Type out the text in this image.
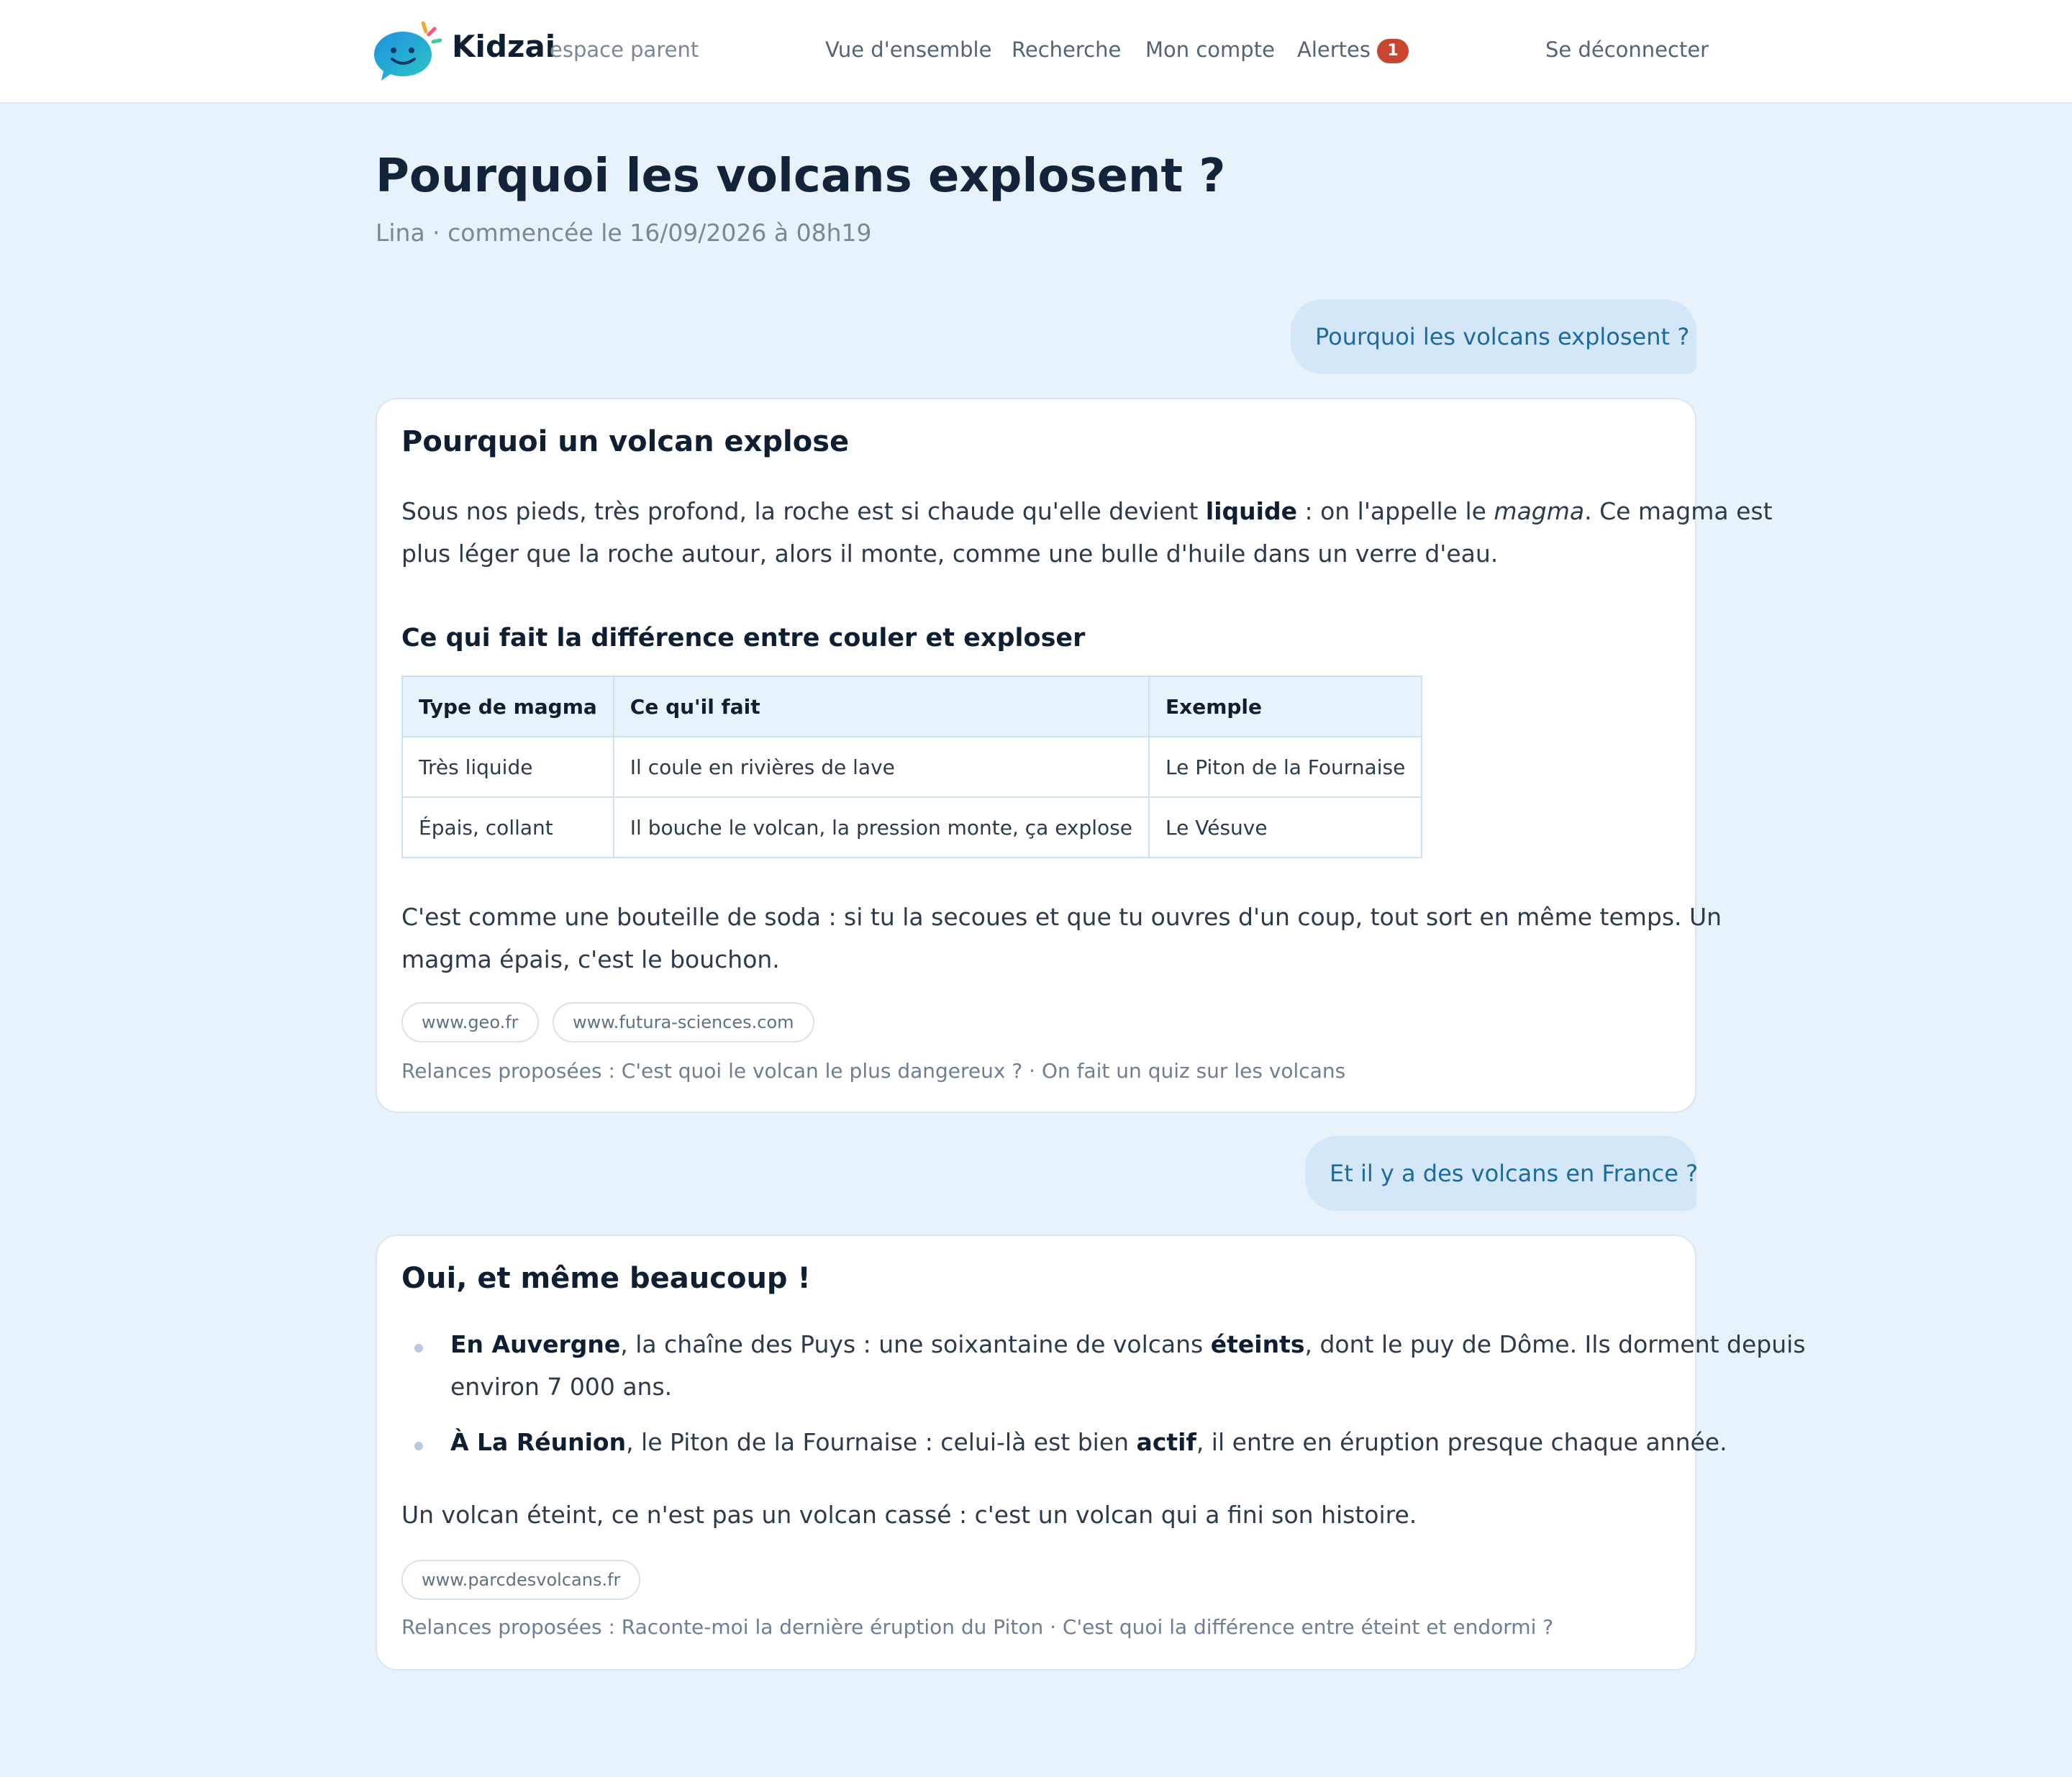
Kidzai
espace parent	Vue d'ensemble Recherche Mon compte Alertes	1	Se déconnecter
Pourquoi les volcans explosent ?
Lina · commencée le 16/09/2026 à 08h19
Pourquoi les volcans explosent ?
Pourquoi un volcan explose
Sous nos pieds, très profond, la roche est si chaude qu'elle devient liquide : on l'appelle le magma. Ce magma est
plus léger que la roche autour, alors il monte, comme une bulle d'huile dans un verre d'eau.
Ce qui fait la différence entre couler et exploser
Type de magma	Ce qu'il fait	Exemple
Très liquide	Il coule en rivières de lave	Le Piton de la Fournaise
Épais, collant	Il bouche le volcan, la pression monte, ça explose	Le Vésuve
C'est comme une bouteille de soda : si tu la secoues et que tu ouvres d'un coup, tout sort en même temps. Un
magma épais, c'est le bouchon.
www.geo.fr	www.futura-sciences.com
Relances proposées : C'est quoi le volcan le plus dangereux ? · On fait un quiz sur les volcans
Et il y a des volcans en France ?
Oui, et même beaucoup !
En Auvergne, la chaîne des Puys : une soixantaine de volcans éteints, dont le puy de Dôme. Ils dorment depuis
environ 7 000 ans.
À La Réunion, le Piton de la Fournaise : celui-là est bien actif, il entre en éruption presque chaque année.
Un volcan éteint, ce n'est pas un volcan cassé : c'est un volcan qui a fini son histoire.
www.parcdesvolcans.fr
Relances proposées : Raconte-moi la dernière éruption du Piton · C'est quoi la différence entre éteint et endormi ?
